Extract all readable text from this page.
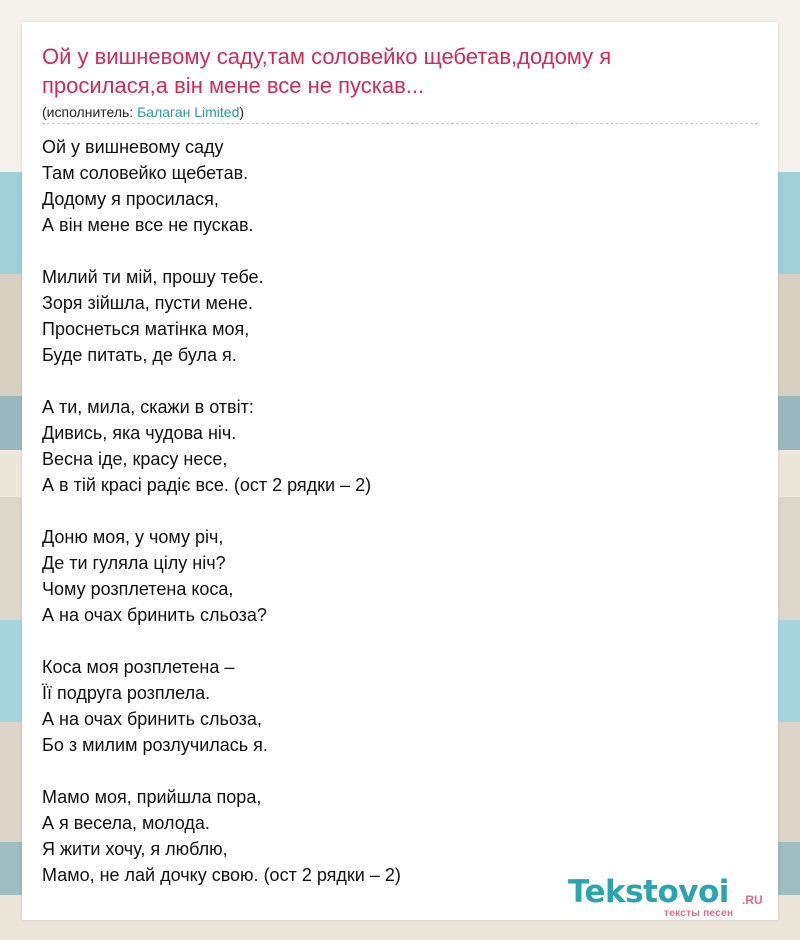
Ой у вишневому саду,там соловейко щебетав,додому я просилася,а він мене все не пускав...
(исполнитель: Балаган Limited)
Ой у вишневому саду
Там соловейко щебетав.
Додому я просилася,
А він мене все не пускав.
Милий ти мій, прошу тебе.
Зоря зійшла, пусти мене.
Проснеться матінка моя,
Буде питать, де була я.
А ти, мила, скажи в отвіт:
Дивись, яка чудова ніч.
Весна іде, красу несе,
А в тій красі радіє все. (ост 2 рядки – 2)
Доню моя, у чому річ,
Де ти гуляла цілу ніч?
Чому розплетена коса,
А на очах бринить сльоза?
Коса моя розплетена –
Її подруга розплела.
А на очах бринить сльоза,
Бо з милим розлучилась я.
Мамо моя, прийшла пора,
А я весела, молода.
Я жити хочу, я люблю,
Мамо, не лай дочку свою. (ост 2 рядки – 2)	Tekstovoi .RU
тексты песен
